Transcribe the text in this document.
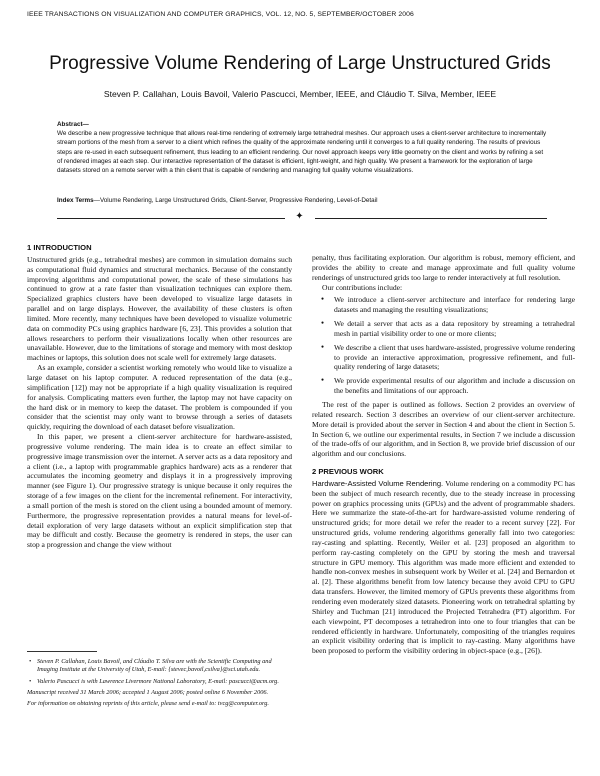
IEEE TRANSACTIONS ON VISUALIZATION AND COMPUTER GRAPHICS, VOL. 12, NO. 5, SEPTEMBER/OCTOBER 2006
Progressive Volume Rendering of Large Unstructured Grids
Steven P. Callahan, Louis Bavoil, Valerio Pascucci, Member, IEEE, and Cláudio T. Silva, Member, IEEE
Abstract—
We describe a new progressive technique that allows real-time rendering of extremely large tetrahedral meshes. Our approach uses a client-server architecture to incrementally stream portions of the mesh from a server to a client which refines the quality of the approximate rendering until it converges to a full quality rendering. The results of previous steps are re-used in each subsequent refinement, thus leading to an efficient rendering. Our novel approach keeps very little geometry on the client and works by refining a set of rendered images at each step. Our interactive representation of the dataset is efficient, light-weight, and high quality. We present a framework for the exploration of large datasets stored on a remote server with a thin client that is capable of rendering and managing full quality volume visualizations.
Index Terms—Volume Rendering, Large Unstructured Grids, Client-Server, Progressive Rendering, Level-of-Detail
✦
1 INTRODUCTION

Unstructured grids (e.g., tetrahedral meshes) are common in simulation domains such as computational fluid dynamics and structural mechanics. Because of the constantly improving algorithms and computational power, the scale of these simulations has continued to grow at a rate faster than visualization techniques can explore them. Specialized graphics clusters have been developed to visualize large datasets in parallel and on large displays. However, the availability of these clusters is often limited. More recently, many techniques have been developed to visualize volumetric data on commodity PCs using graphics hardware [6, 23]. This provides a solution that allows researchers to perform their visualizations locally when other resources are unavailable. However, due to the limitations of storage and memory with most desktop machines or laptops, this solution does not scale well for extremely large datasets.

As an example, consider a scientist working remotely who would like to visualize a large dataset on his laptop computer. A reduced representation of the data (e.g., simplification [12]) may not be appropriate if a high quality visualization is required for analysis. Complicating matters even further, the laptop may not have capacity on the hard disk or in memory to keep the dataset. The problem is compounded if you consider that the scientist may only want to browse through a series of datasets quickly, requiring the download of each dataset before visualization.

In this paper, we present a client-server architecture for hardware-assisted, progressive volume rendering. The main idea is to create an effect similar to progressive image transmission over the internet. A server acts as a data repository and a client (i.e., a laptop with programmable graphics hardware) acts as a renderer that accumulates the incoming geometry and displays it in a progressively improving manner (see Figure 1). Our progressive strategy is unique because it only requires the storage of a few images on the client for the incremental refinement. For interactivity, a small portion of the mesh is stored on the client using a bounded amount of memory. Furthermore, the progressive representation provides a natural means for level-of-detail exploration of very large datasets without an explicit simplification step that may be difficult and costly. Because the geometry is rendered in steps, the user can stop a progression and change the view without

• Steven P. Callahan, Louis Bavoil, and Cláudio T. Silva are with the Scientific Computing and Imaging Institute at the University of Utah, E-mail: {stevec,bavoil,csilva}@sci.utah.edu.

• Valerio Pascucci is with Lawrence Livermore National Laboratory, E-mail: pascucci@acm.org.

Manuscript received 31 March 2006; accepted 1 August 2006; posted online 6 November 2006.

For information on obtaining reprints of this article, please send e-mail to: tvcg@computer.org.

penalty, thus facilitating exploration. Our algorithm is robust, memory efficient, and provides the ability to create and manage approximate and full quality volume renderings of unstructured grids too large to render interactively at full resolution.

Our contributions include:

● We introduce a client-server architecture and interface for rendering large datasets and managing the resulting visualizations;
● We detail a server that acts as a data repository by streaming a tetrahedral mesh in partial visibility order to one or more clients;
● We describe a client that uses hardware-assisted, progressive volume rendering to provide an interactive approximation, progressive refinement, and full-quality rendering of large datasets;
● We provide experimental results of our algorithm and include a discussion on the benefits and limitations of our approach.

The rest of the paper is outlined as follows. Section 2 provides an overview of related research. Section 3 describes an overview of our client-server architecture. More detail is provided about the server in Section 4 and about the client in Section 5. In Section 6, we outline our experimental results, in Section 7 we include a discussion of the trade-offs of our algorithm, and in Section 8, we provide brief discussion of our algorithm and our conclusions.

2 PREVIOUS WORK

Hardware-Assisted Volume Rendering. Volume rendering on a commodity PC has been the subject of much research recently, due to the steady increase in processing power on graphics processing units (GPUs) and the advent of programmable shaders. Here we summarize the state-of-the-art for hardware-assisted volume rendering of unstructured grids; for more detail we refer the reader to a recent survey [22]. For unstructured grids, volume rendering algorithms generally fall into two categories: ray-casting and splatting. Recently, Weiler et al. [23] proposed an algorithm to perform ray-casting completely on the GPU by storing the mesh and traversal structure in GPU memory. This algorithm was made more efficient and extended to handle non-convex meshes in subsequent work by Weiler et al. [24] and Bernardon et al. [2]. These algorithms benefit from low latency because they avoid CPU to GPU data transfers. However, the limited memory of GPUs prevents these algorithms from rendering even moderately sized datasets. Pioneering work on tetrahedral splatting by Shirley and Tuchman [21] introduced the Projected Tetrahedra (PT) algorithm. For each viewpoint, PT decomposes a tetrahedron into one to four triangles that can be rendered efficiently in hardware. Unfortunately, compositing of the triangles requires an explicit visibility ordering that is implicit to ray-casting. Many algorithms have been proposed to perform the visibility ordering in object-space (e.g., [26]).
